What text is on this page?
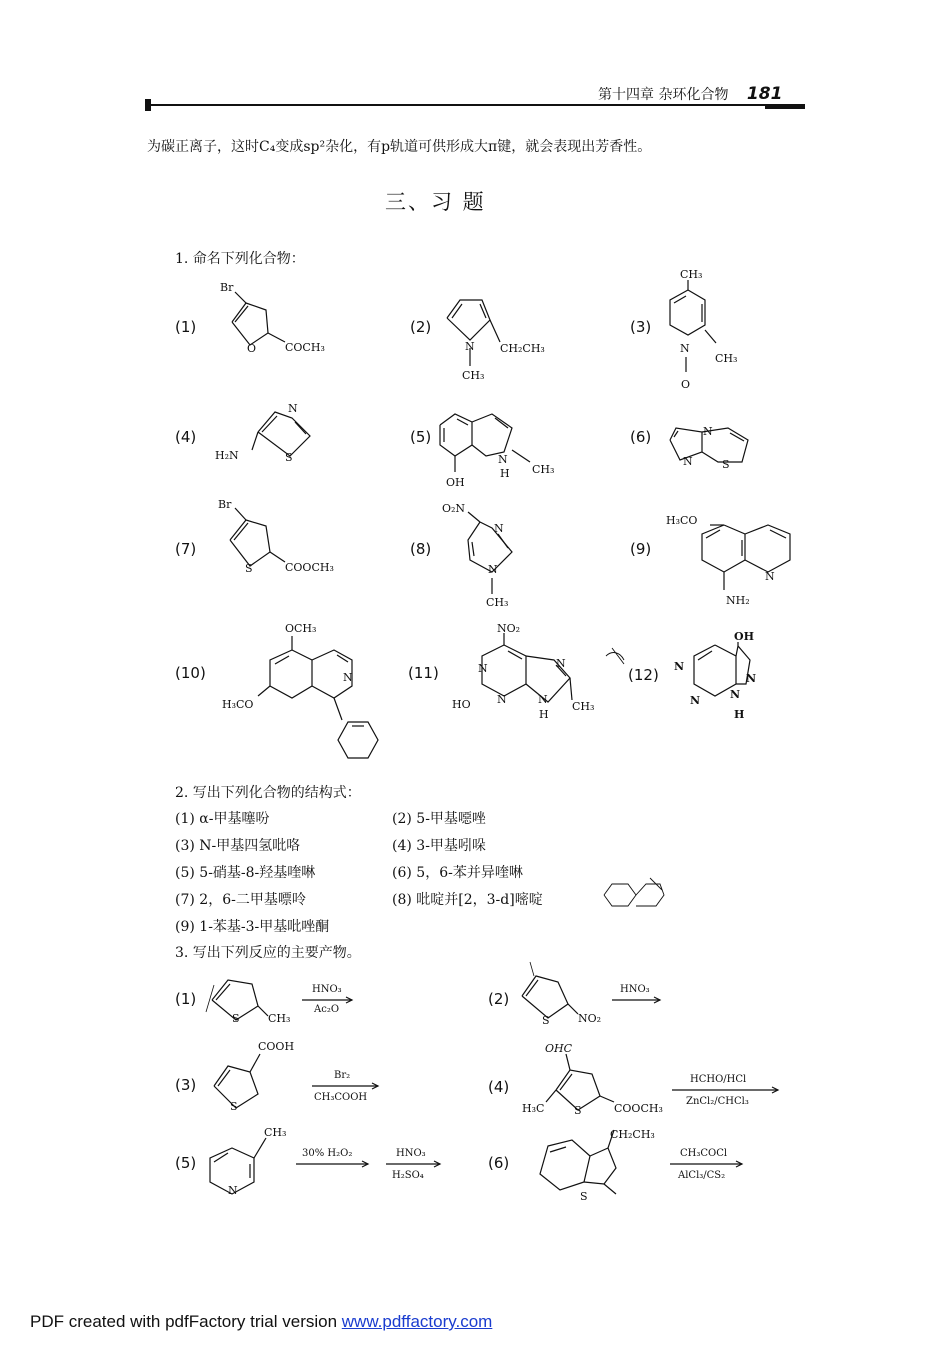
第十四章 杂环化合物 181
为碳正离子，这时C₄变成sp²杂化，有p轨道可供形成大π键，就会表现出芳香性。
三、习 题
1. 命名下列化合物：
(1)	(2)	(3)
(4)	(5)	(6)
(7)	(8)	(9)
(10)	(11)	(12)
Br
O	COCH₃	N CH₂CH₃
CH₃
CH₃
N
CH₃
O
N
S
H₂N	N
H CH₃
OH
N
N	S
Br
S	COOCH₃
O₂N
N
N
CH₃
H₃CO
N
NH₂
OCH₃
N
H₃CO
NO₂
N	N
N	N
HO
H
CH₃
OH
N
N
N	N
H
2. 写出下列化合物的结构式：
(1) α-甲基噻吩	(2) 5-甲基噁唑
(3) N-甲基四氢吡咯	(4) 3-甲基吲哚
(5) 5-硝基-8-羟基喹啉	(6) 5，6-苯并异喹啉
(7) 2，6-二甲基嘌呤	(8) 吡啶并[2，3-d]嘧啶
(9) 1-苯基-3-甲基吡唑酮
3. 写出下列反应的主要产物。
(1)	(2)
(3)	(4)
(5)	(6)
HNO₃
Ac₂O
HNO₃
Br₂
CH₃COOH
HCHO/HCl
ZnCl₂/CHCl₃
30% H₂O₂	HNO₃
H₂SO₄
CH₃COCl
AlCl₃/CS₂
S	CH₃	S	NO₂
COOH
S
OHC
H₃C	S	COOCH₃
CH₃
N
CH₂CH₃
S
PDF created with pdfFactory trial version www.pdffactory.com
